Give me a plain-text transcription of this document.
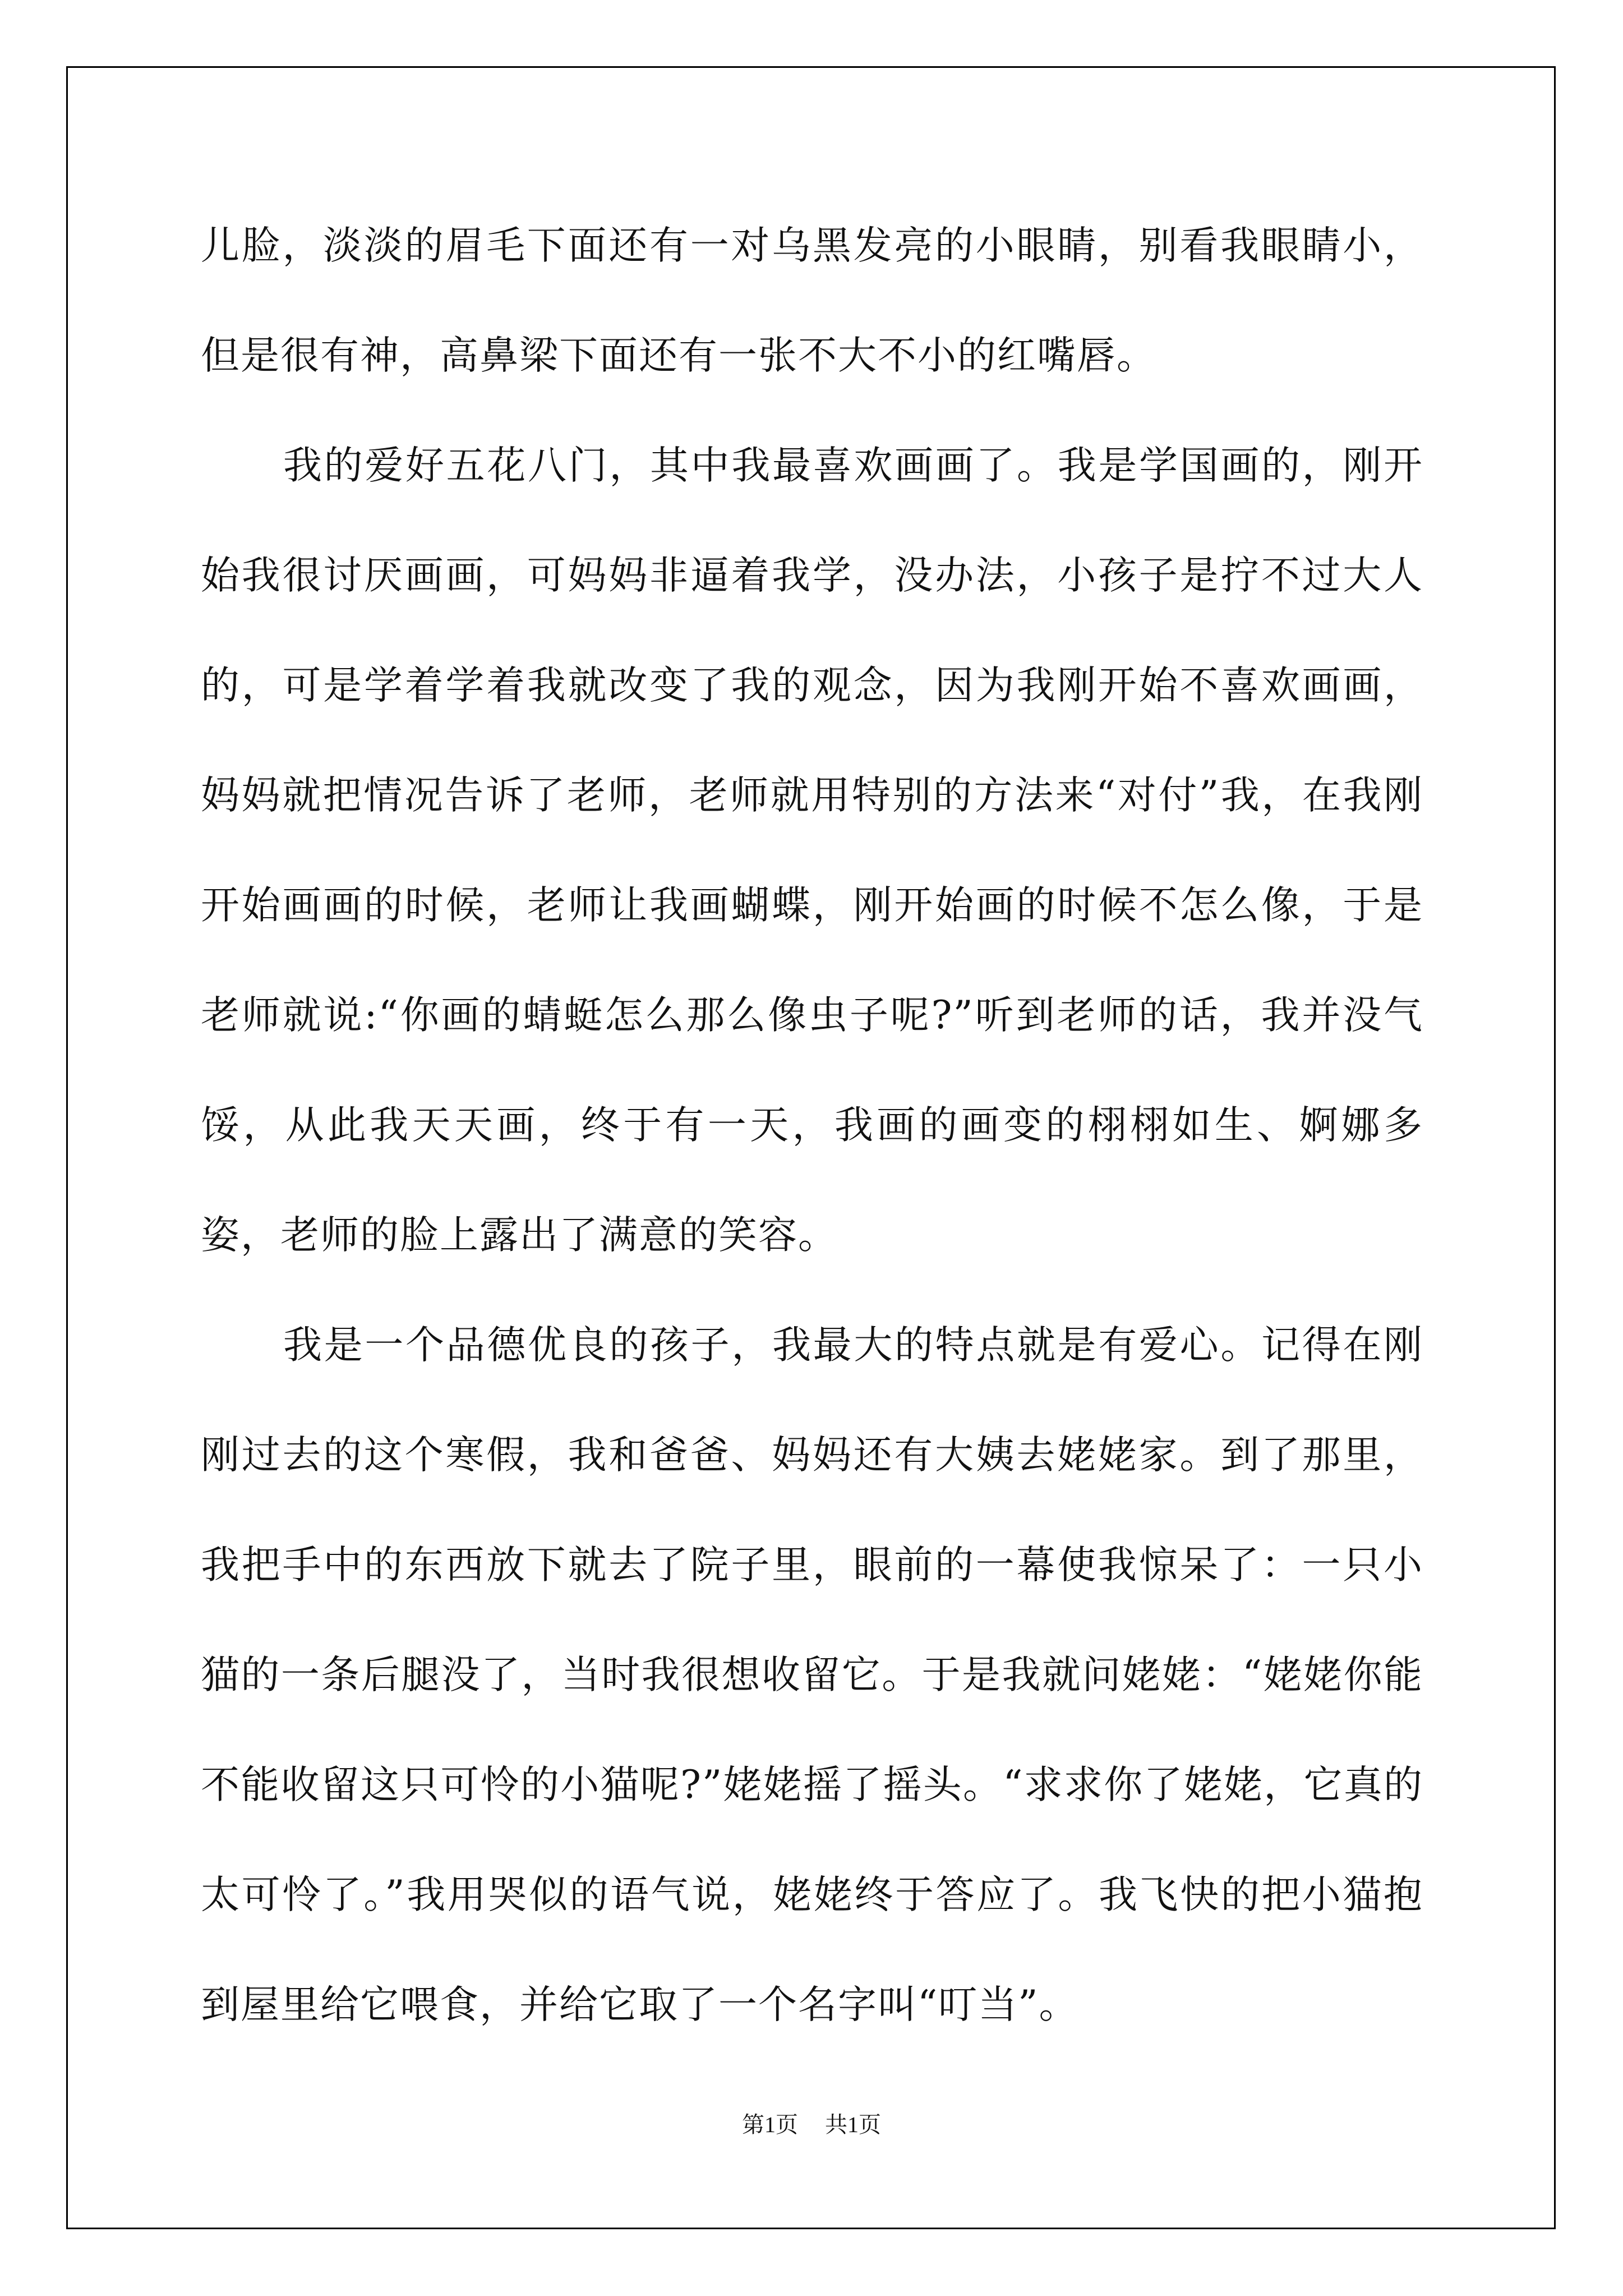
儿脸，淡淡的眉毛下面还有一对乌黑发亮的小眼睛，别看我眼睛小，但是很有神，高鼻梁下面还有一张不大不小的红嘴唇。

我的爱好五花八门，其中我最喜欢画画了。我是学国画的，刚开始我很讨厌画画，可妈妈非逼着我学，没办法，小孩子是拧不过大人的，可是学着学着我就改变了我的观念，因为我刚开始不喜欢画画，妈妈就把情况告诉了老师，老师就用特别的方法来“对付”我，在我刚开始画画的时候，老师让我画蝴蝶，刚开始画的时候不怎么像，于是老师就说:“你画的蜻蜓怎么那么像虫子呢?”听到老师的话，我并没气馁，从此我天天画，终于有一天，我画的画变的栩栩如生、婀娜多姿，老师的脸上露出了满意的笑容。

我是一个品德优良的孩子，我最大的特点就是有爱心。记得在刚刚过去的这个寒假，我和爸爸、妈妈还有大姨去姥姥家。到了那里，我把手中的东西放下就去了院子里，眼前的一幕使我惊呆了：一只小猫的一条后腿没了，当时我很想收留它。于是我就问姥姥：“姥姥你能不能收留这只可怜的小猫呢?”姥姥摇了摇头。“求求你了姥姥，它真的太可怜了。”我用哭似的语气说，姥姥终于答应了。我飞快的把小猫抱到屋里给它喂食，并给它取了一个名字叫“叮当”。

第1页 共1页
